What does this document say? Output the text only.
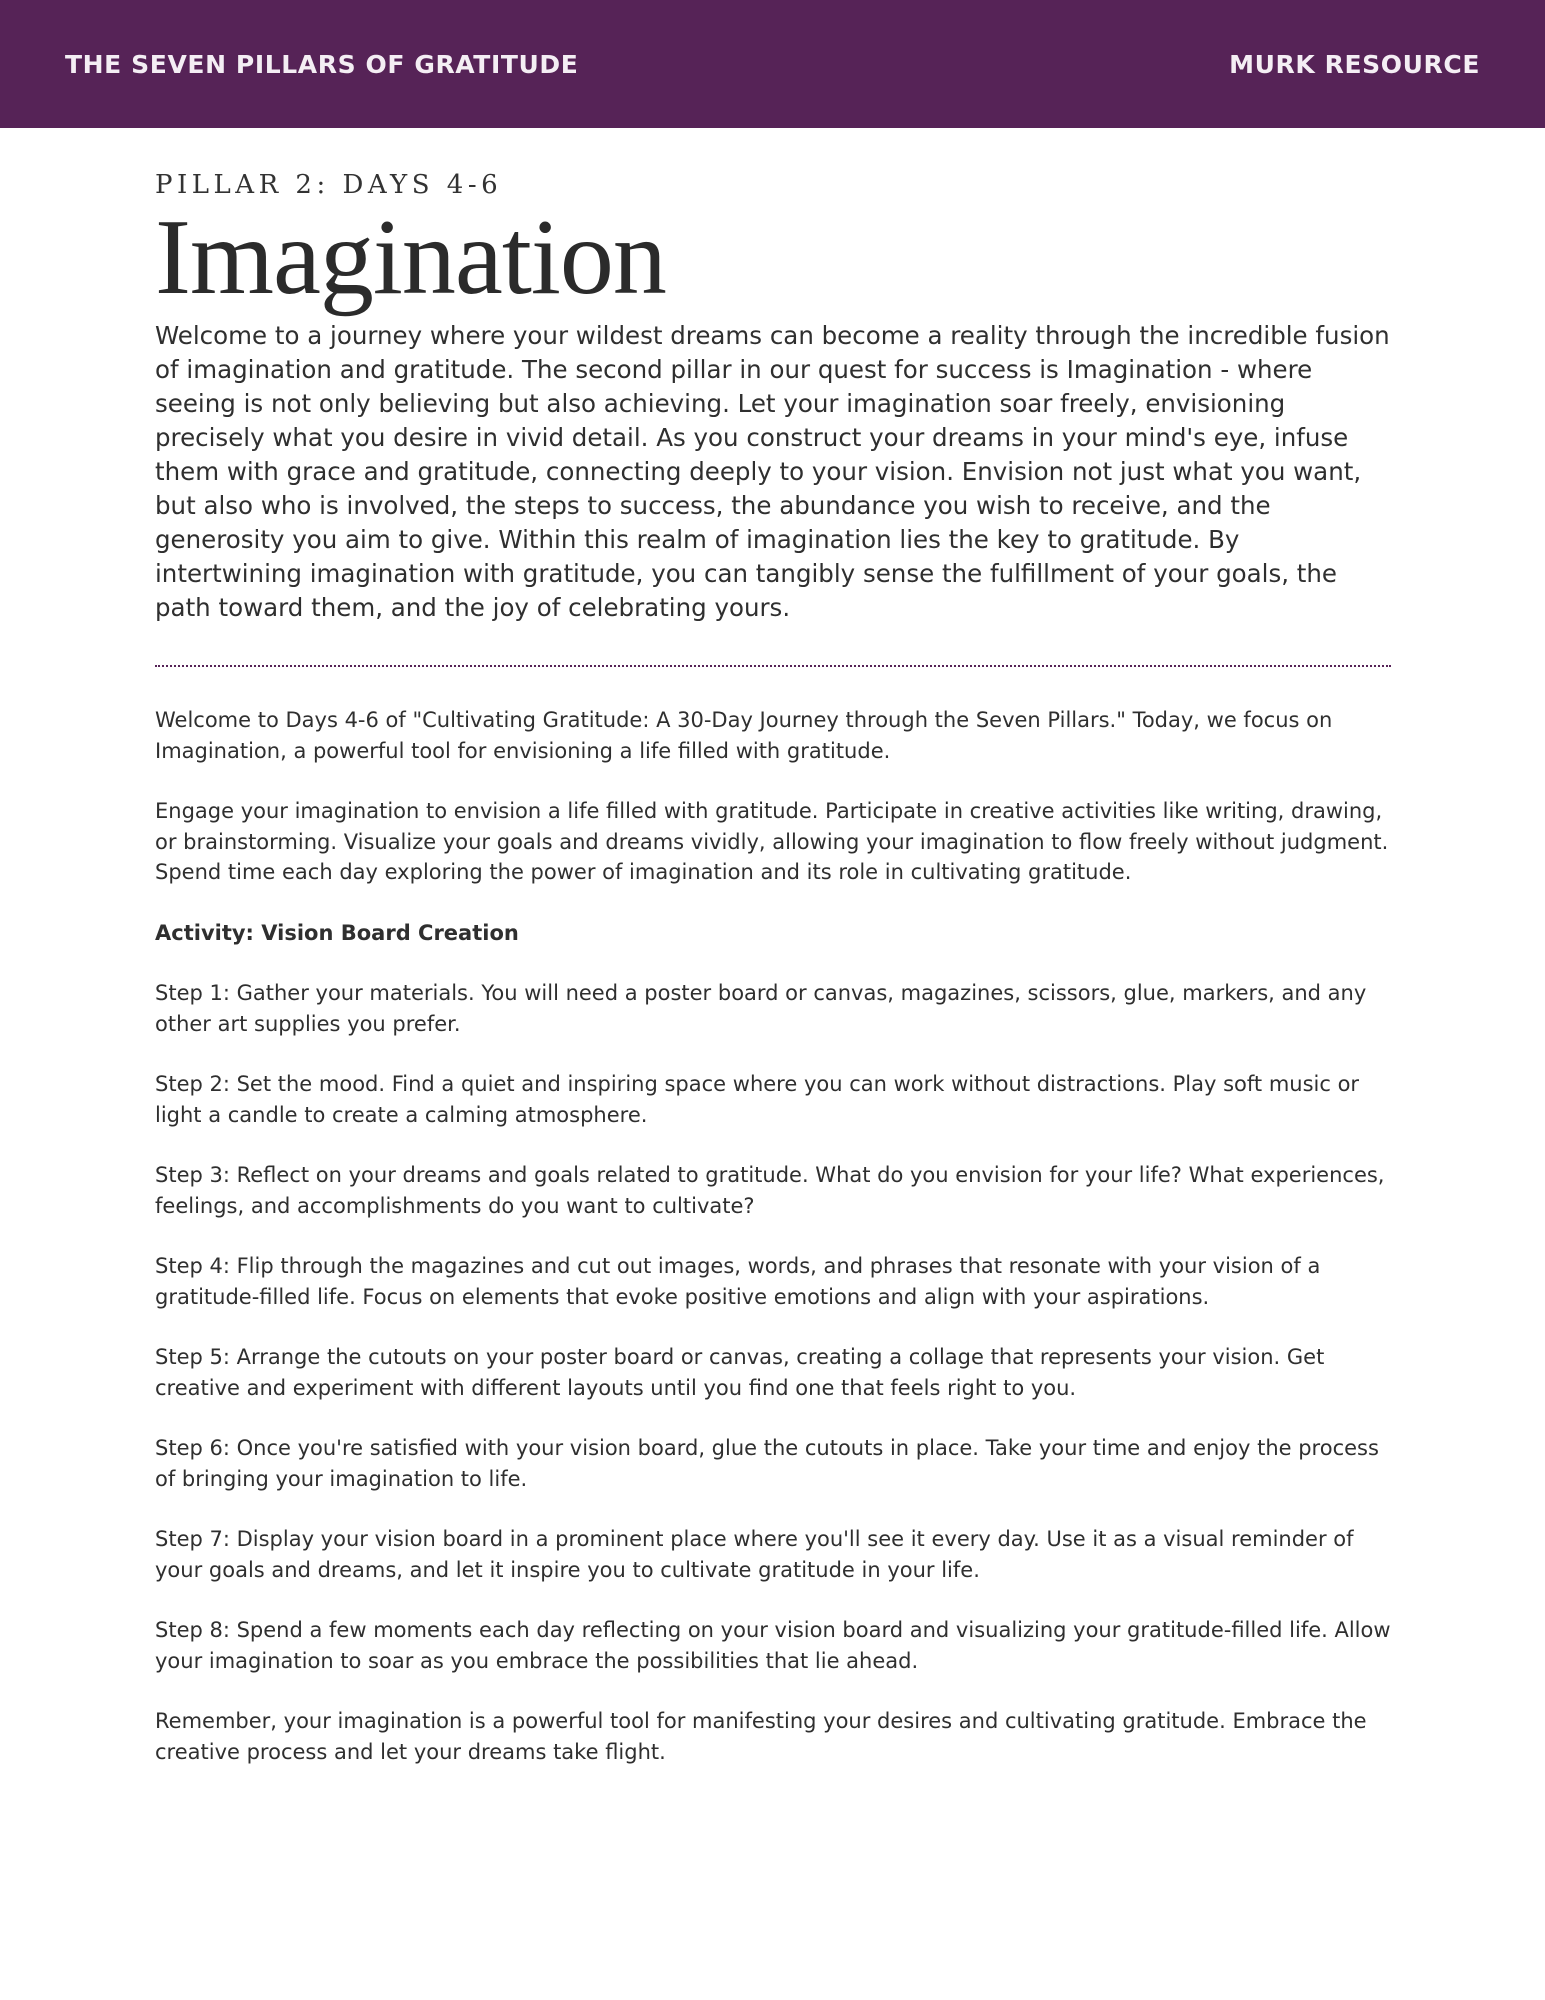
THE SEVEN PILLARS OF GRATITUDE	MURK RESOURCE

PILLAR 2: DAYS 4-6

Imagination

Welcome to a journey where your wildest dreams can become a reality through the incredible fusion of imagination and gratitude. The second pillar in our quest for success is Imagination - where seeing is not only believing but also achieving. Let your imagination soar freely, envisioning precisely what you desire in vivid detail. As you construct your dreams in your mind's eye, infuse them with grace and gratitude, connecting deeply to your vision. Envision not just what you want, but also who is involved, the steps to success, the abundance you wish to receive, and the generosity you aim to give. Within this realm of imagination lies the key to gratitude. By intertwining imagination with gratitude, you can tangibly sense the fulfillment of your goals, the path toward them, and the joy of celebrating yours.

Welcome to Days 4-6 of "Cultivating Gratitude: A 30-Day Journey through the Seven Pillars." Today, we focus on Imagination, a powerful tool for envisioning a life filled with gratitude.

Engage your imagination to envision a life filled with gratitude. Participate in creative activities like writing, drawing, or brainstorming. Visualize your goals and dreams vividly, allowing your imagination to flow freely without judgment. Spend time each day exploring the power of imagination and its role in cultivating gratitude.

Activity: Vision Board Creation

Step 1: Gather your materials. You will need a poster board or canvas, magazines, scissors, glue, markers, and any other art supplies you prefer.

Step 2: Set the mood. Find a quiet and inspiring space where you can work without distractions. Play soft music or light a candle to create a calming atmosphere.

Step 3: Reflect on your dreams and goals related to gratitude. What do you envision for your life? What experiences, feelings, and accomplishments do you want to cultivate?

Step 4: Flip through the magazines and cut out images, words, and phrases that resonate with your vision of a gratitude-filled life. Focus on elements that evoke positive emotions and align with your aspirations.

Step 5: Arrange the cutouts on your poster board or canvas, creating a collage that represents your vision. Get creative and experiment with different layouts until you find one that feels right to you.

Step 6: Once you're satisfied with your vision board, glue the cutouts in place. Take your time and enjoy the process of bringing your imagination to life.

Step 7: Display your vision board in a prominent place where you'll see it every day. Use it as a visual reminder of your goals and dreams, and let it inspire you to cultivate gratitude in your life.

Step 8: Spend a few moments each day reflecting on your vision board and visualizing your gratitude-filled life. Allow your imagination to soar as you embrace the possibilities that lie ahead.

Remember, your imagination is a powerful tool for manifesting your desires and cultivating gratitude. Embrace the creative process and let your dreams take flight.
